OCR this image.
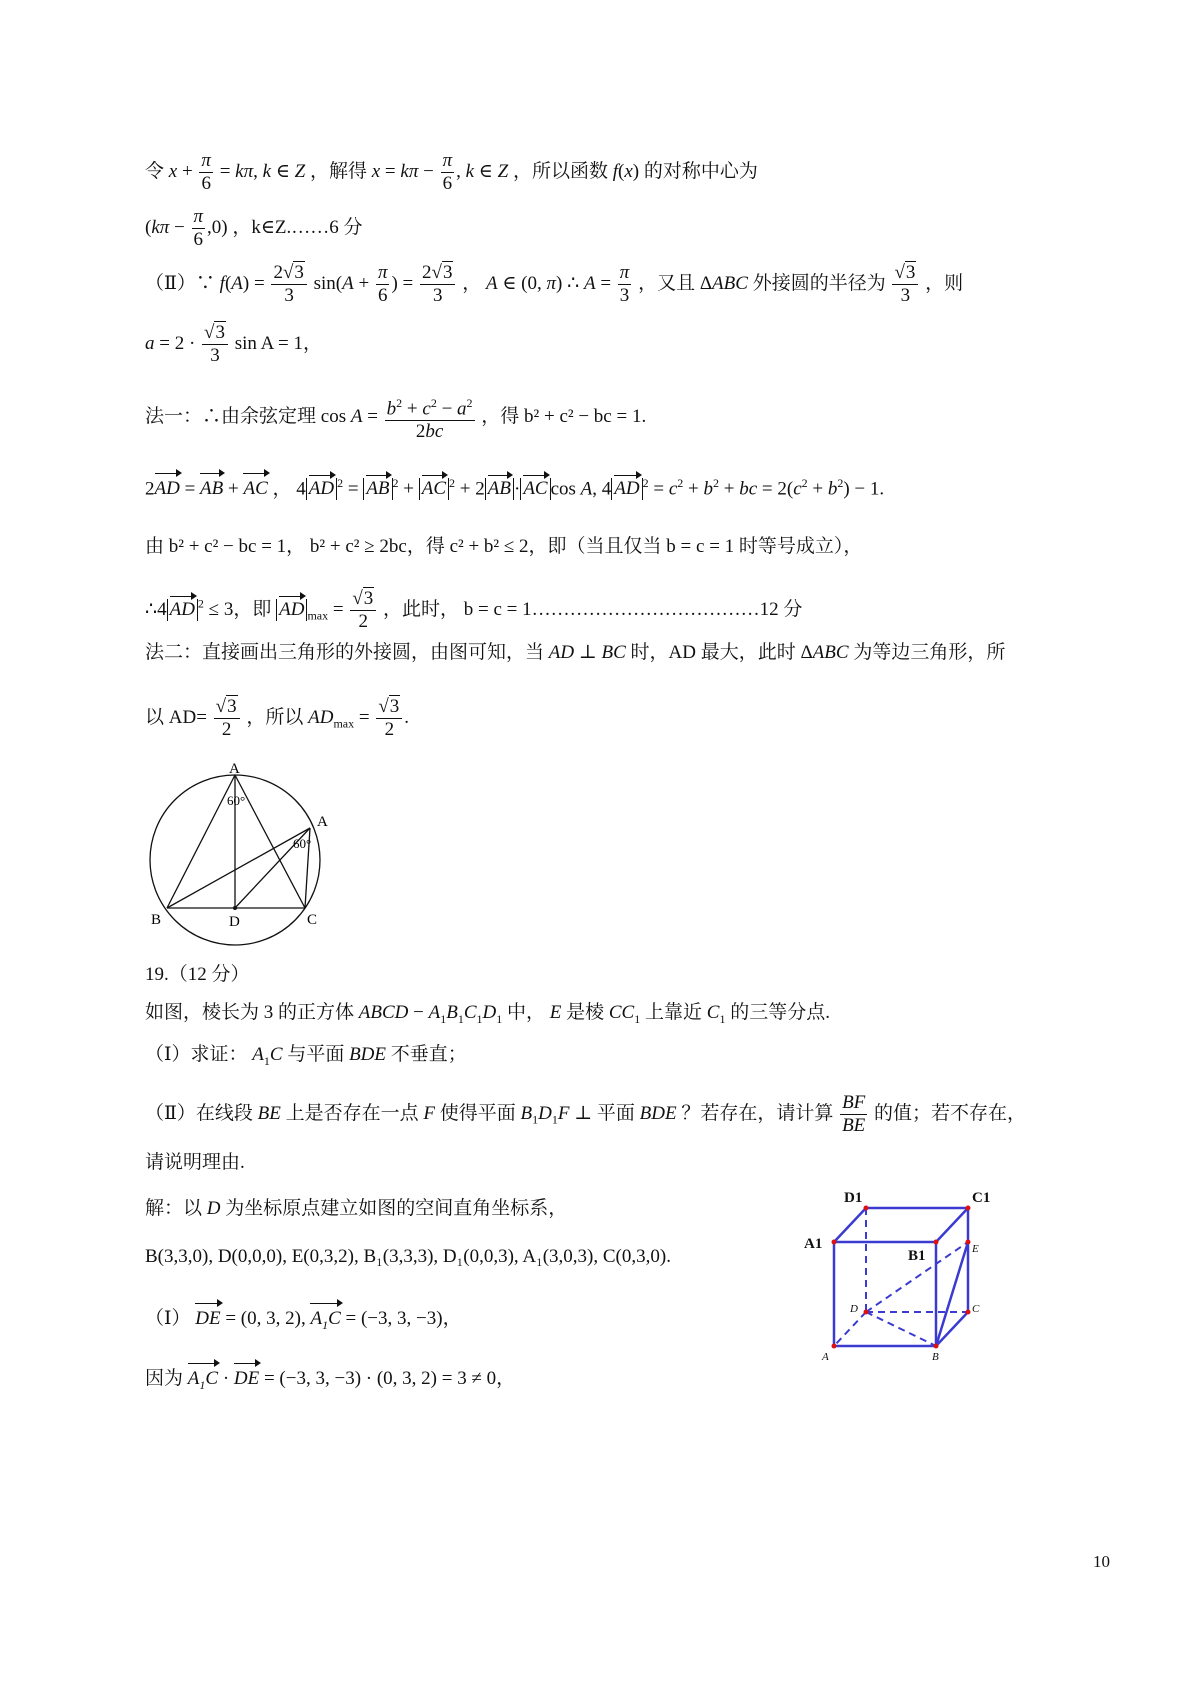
令 $x + \frac{\pi}{6} = k\pi$, k ∈ Z ，解得 $x = k\pi - \frac{\pi}{6}$ , k ∈ Z ，所以函数 f(x) 的对称中心为
$(k\pi - \frac{\pi}{6} ,0)$ ，k∈Z.……6 分
（Ⅱ）∵ $f(A) = \frac{2√3}{3} \sin(A + \frac{\pi}{6}$ ) = $\frac{2√3}{3}$ ， A ∈ (0, π) ∴ $A = \frac{\pi}{3}$ ，又且 ΔABC 外接圆的半径为 $\frac{√3}{3}$ ，则
$a = 2 \cdot \frac{√3}{3}$ sin A = 1，
法一：∴由余弦定理 $\cos A = \frac{b^2 + c^2 - a^2}{2bc}$ ，得 b² + c² − bc = 1.
2AD = AB + AC ， 4 AD $^2$ = AB $^2$ + AC $^2$ + 2 AB · AC cos A, 4 AD $^2 = c^2 + b^2$ + bc = $2(c^2 + b^2) - 1$.
由 b² + c² − bc = 1， b² + c² ≥ 2bc，得 c² + b² ≤ 2，即（当且仅当 b = c = 1 时等号成立），
∴4 AD $^2$ ≤ 3，即 AD $_{max} = \frac{√3}{2}$ ，此时， b = c = 1………………………………12 分
法二：直接画出三角形的外接圆，由图可知，当 AD ⊥ BC 时，AD 最大，此时 ΔABC 为等边三角形，所
以 $AD= \frac{√3}{2}$ ，所以 $AD_{max} = \frac{√3}{2}$ .
A
A
B	D	C
60°
60°
19.（12 分）
如图，棱长为 3 的正方体 ABCD − $A_1B_1C_1D_1$ 中， E 是棱 $CC_1$ 上靠近 $C_1$ 的三等分点.
（Ⅰ）求证： $A_1C$ 与平面 BDE 不垂直；
（Ⅱ）在线段 BE 上是否存在一点 F 使得平面 $B_1D_1F$ ⊥ 平面 BDE ？若存在，请计算 $\frac{BF}{BE}$ 的值；若不存在，
请说明理由.
解：以 D 为坐标原点建立如图的空间直角坐标系，
B(3,3,0), D(0,0,0), E(0,3,2), B₁(3,3,3), D₁(0,0,3), A₁(3,0,3), C(0,3,0).
（Ⅰ） DE = (0, 3, 2), $A_1C = (-3$, 3, −3)，
因为 $A_1C$ · DE = (−3, 3, −3) · (0, 3, 2) = 3 ≠ 0，
D1	C1
A1
B1	E
D	C
A	B
10
